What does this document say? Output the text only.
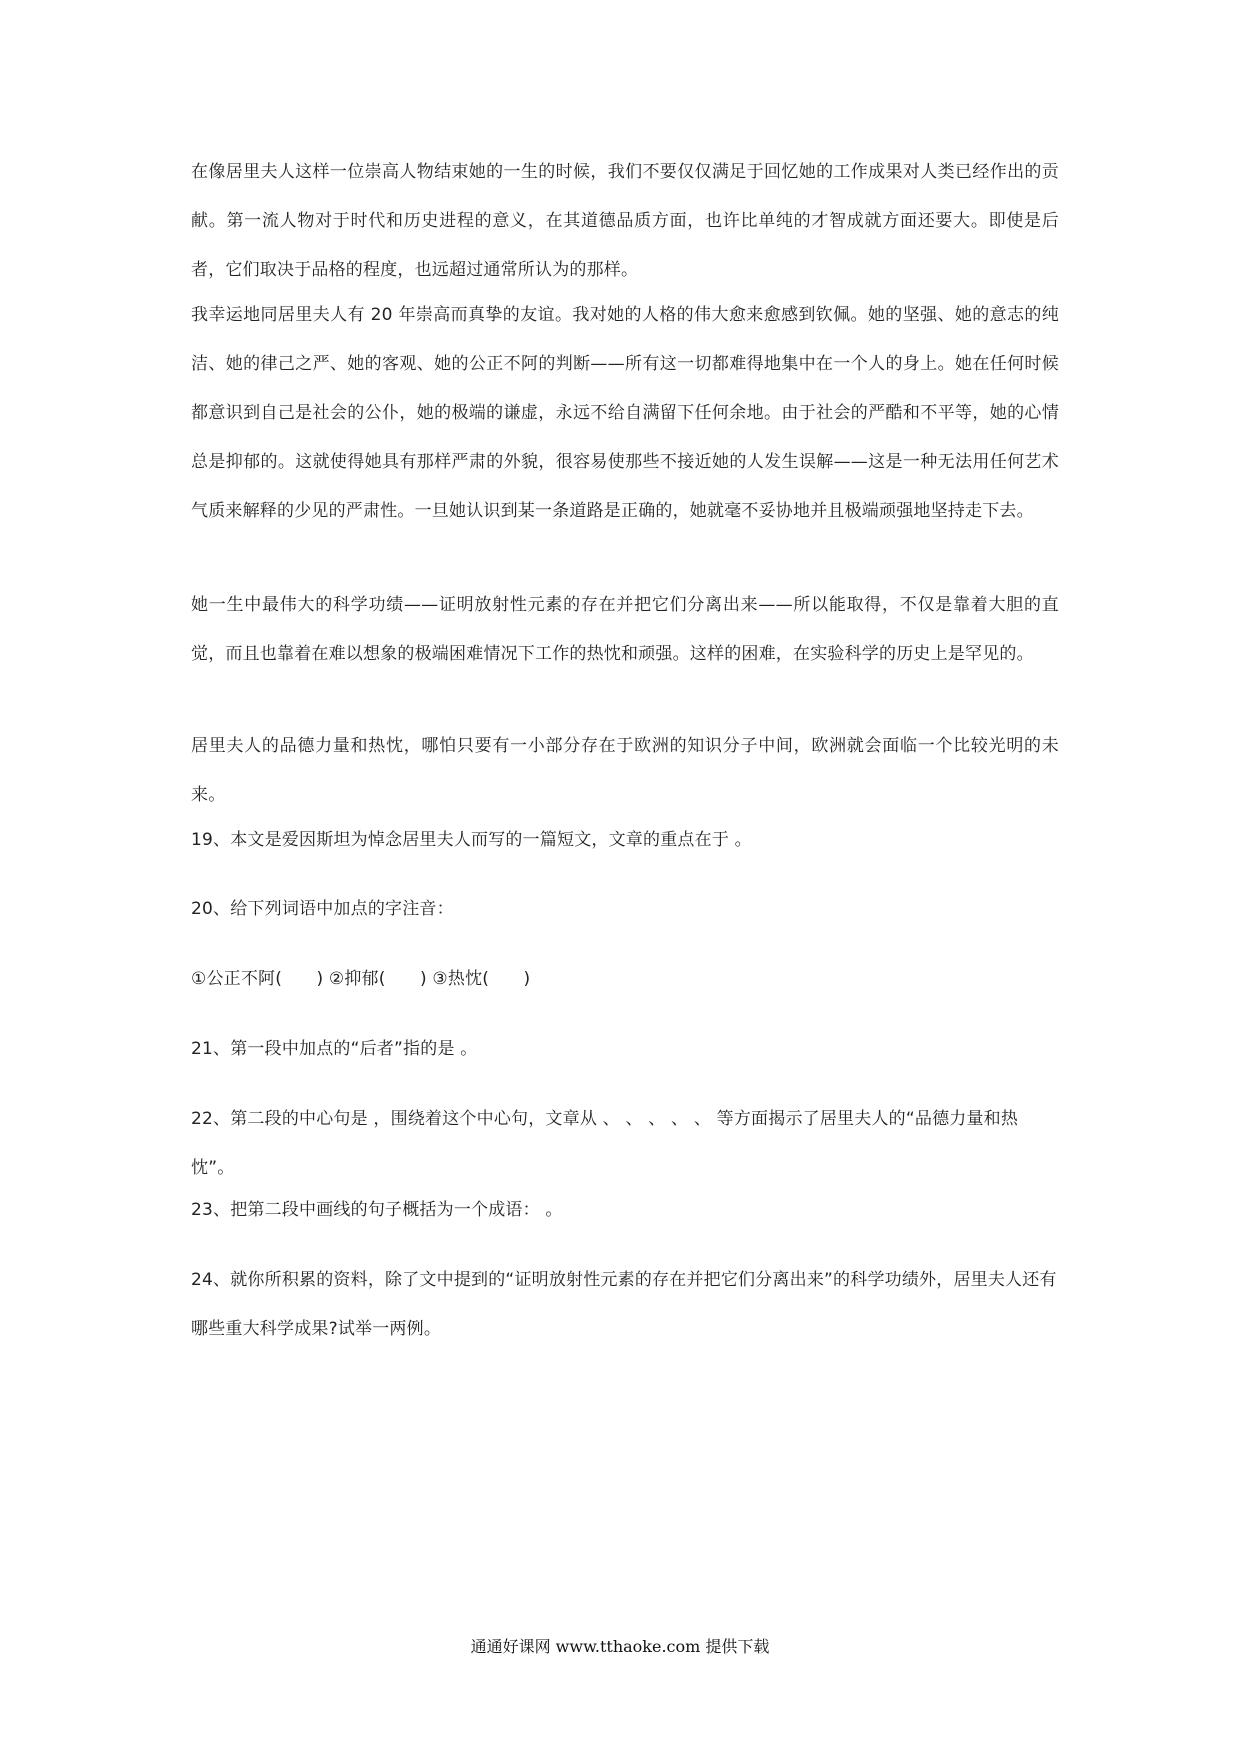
在像居里夫人这样一位崇高人物结束她的一生的时候，我们不要仅仅满足于回忆她的工作成果对人类已经作出的贡献。第一流人物对于时代和历史进程的意义，在其道德品质方面，也许比单纯的才智成就方面还要大。即使是后者，它们取决于品格的程度，也远超过通常所认为的那样。

我幸运地同居里夫人有 20 年崇高而真挚的友谊。我对她的人格的伟大愈来愈感到钦佩。她的坚强、她的意志的纯洁、她的律己之严、她的客观、她的公正不阿的判断——所有这一切都难得地集中在一个人的身上。她在任何时候都意识到自己是社会的公仆，她的极端的谦虚，永远不给自满留下任何余地。由于社会的严酷和不平等，她的心情总是抑郁的。这就使得她具有那样严肃的外貌，很容易使那些不接近她的人发生误解——这是一种无法用任何艺术气质来解释的少见的严肃性。一旦她认识到某一条道路是正确的，她就毫不妥协地并且极端顽强地坚持走下去。

她一生中最伟大的科学功绩——证明放射性元素的存在并把它们分离出来——所以能取得，不仅是靠着大胆的直觉，而且也靠着在难以想象的极端困难情况下工作的热忱和顽强。这样的困难，在实验科学的历史上是罕见的。

居里夫人的品德力量和热忱，哪怕只要有一小部分存在于欧洲的知识分子中间，欧洲就会面临一个比较光明的未来。

19、本文是爱因斯坦为悼念居里夫人而写的一篇短文，文章的重点在于 。

20、给下列词语中加点的字注音：

①公正不阿(　　) ②抑郁(　　) ③热忱(　　)

21、第一段中加点的“后者”指的是 。

22、第二段的中心句是 ，围绕着这个中心句，文章从 、 、 、 、 、 等方面揭示了居里夫人的“品德力量和热忱”。

23、把第二段中画线的句子概括为一个成语： 。

24、就你所积累的资料，除了文中提到的“证明放射性元素的存在并把它们分离出来”的科学功绩外，居里夫人还有哪些重大科学成果?试举一两例。

通通好课网 www.tthaoke.com 提供下载
